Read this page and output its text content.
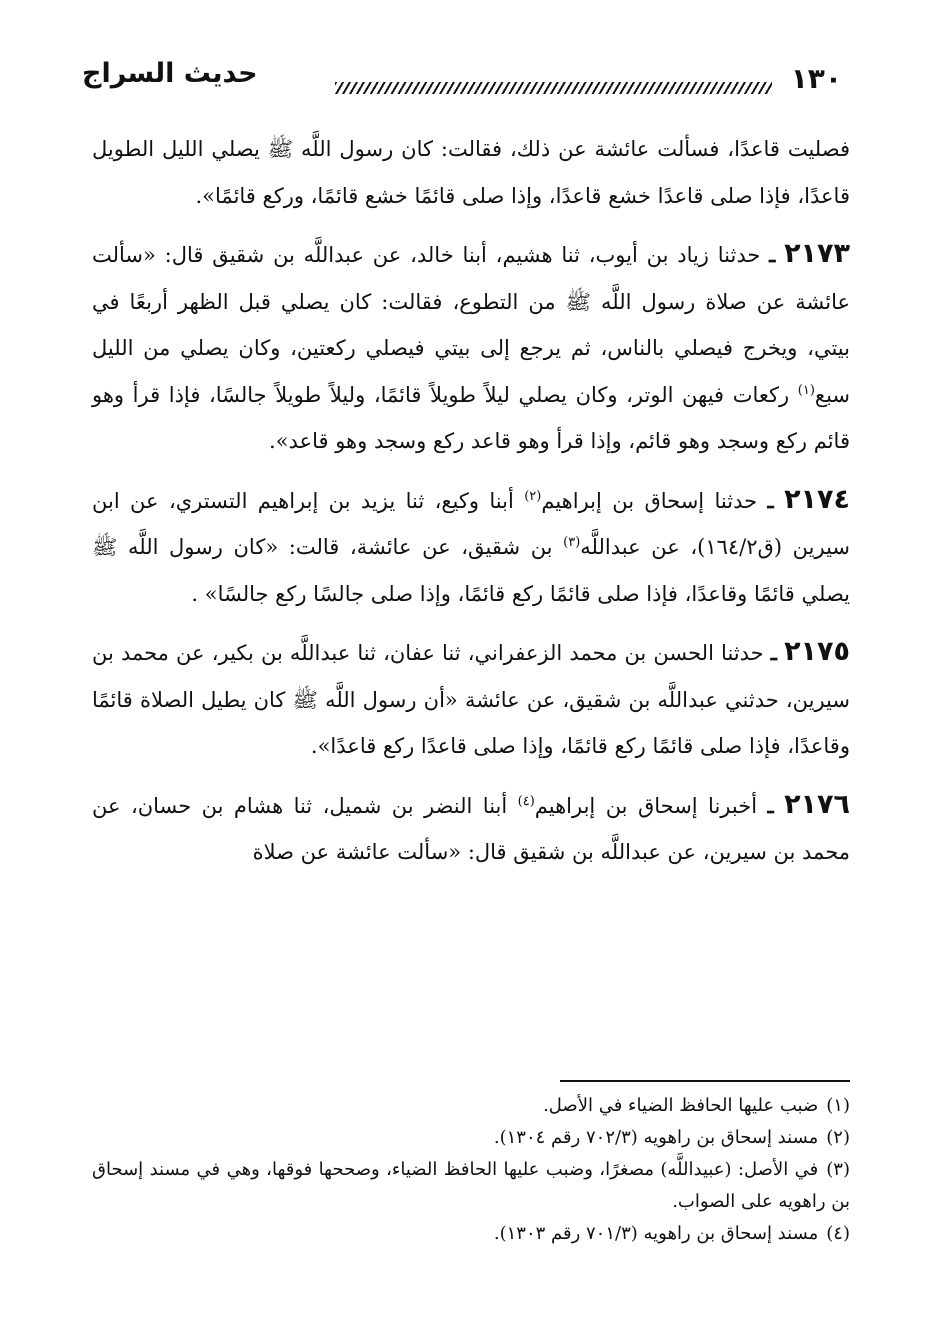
حديث السراج	١٣٠

فصليت قاعدًا، فسألت عائشة عن ذلك، فقالت: كان رسول اللَّه ﷺ يصلي الليل الطويل قاعدًا، فإذا صلى قاعدًا خشع قاعدًا، وإذا صلى قائمًا خشع قائمًا، وركع قائمًا».

٢١٧٣ ـ حدثنا زياد بن أيوب، ثنا هشيم، أبنا خالد، عن عبداللَّه بن شقيق قال: «سألت عائشة عن صلاة رسول اللَّه ﷺ من التطوع، فقالت: كان يصلي قبل الظهر أربعًا في بيتي، ويخرج فيصلي بالناس، ثم يرجع إلى بيتي فيصلي ركعتين، وكان يصلي من الليل سبع$^{(١)}$ ركعات فيهن الوتر، وكان يصلي ليلاً طويلاً قائمًا، وليلاً طويلاً جالسًا، فإذا قرأ وهو قائم ركع وسجد وهو قائم، وإذا قرأ وهو قاعد ركع وسجد وهو قاعد».

٢١٧٤ ـ حدثنا إسحاق بن إبراهيم$^{(٢)}$ أبنا وكيع، ثنا يزيد بن إبراهيم التستري، عن ابن سيرين (ق١٦٤/٢)، عن عبداللَّه$^{(٣)}$ بن شقيق، عن عائشة، قالت: «كان رسول اللَّه ﷺ يصلي قائمًا وقاعدًا، فإذا صلى قائمًا ركع قائمًا، وإذا صلى جالسًا ركع جالسًا» .

٢١٧٥ ـ حدثنا الحسن بن محمد الزعفراني، ثنا عفان، ثنا عبداللَّه بن بكير، عن محمد بن سيرين، حدثني عبداللَّه بن شقيق، عن عائشة «أن رسول اللَّه ﷺ كان يطيل الصلاة قائمًا وقاعدًا، فإذا صلى قائمًا ركع قائمًا، وإذا صلى قاعدًا ركع قاعدًا».

٢١٧٦ ـ أخبرنا إسحاق بن إبراهيم$^{(٤)}$ أبنا النضر بن شميل، ثنا هشام بن حسان، عن محمد بن سيرين، عن عبداللَّه بن شقيق قال: «سألت عائشة عن صلاة

(١)ضبب عليها الحافظ الضياء في الأصل.

(٢)مسند إسحاق بن راهويه (٧٠٢/٣ رقم ١٣٠٤).

(٣)في الأصل: (عبيداللَّه) مصغرًا، وضبب عليها الحافظ الضياء، وصححها فوقها، وهي في مسند إسحاق بن راهويه على الصواب.

(٤)مسند إسحاق بن راهويه (٧٠١/٣ رقم ١٣٠٣).
